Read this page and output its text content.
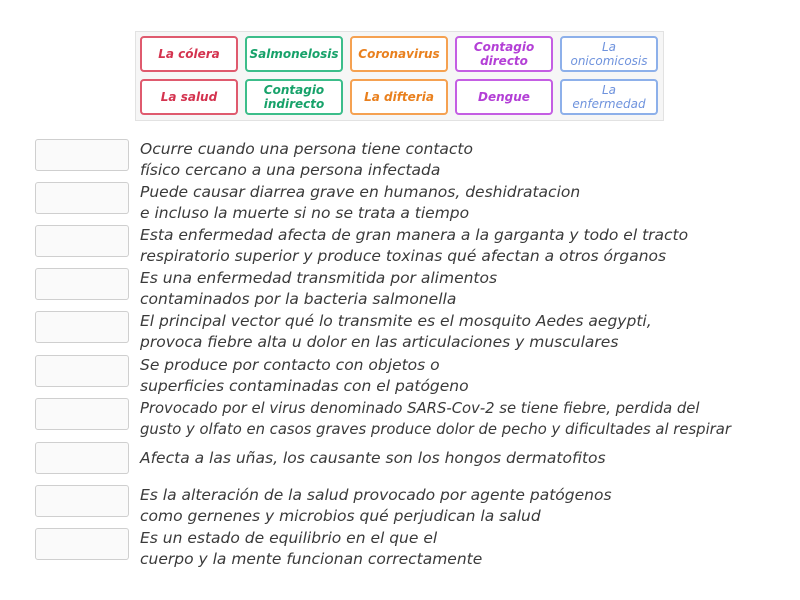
La cólera Salmonelosis Coronavirus	Contagio
directo
La
onicomicosis
La salud	Contagio
indirecto	La difteria	Dengue	La
enfermedad
Ocurre cuando una persona tiene contacto
físico cercano a una persona infectada
Puede causar diarrea grave en humanos, deshidratacion
e incluso la muerte si no se trata a tiempo
Esta enfermedad afecta de gran manera a la garganta y todo el tracto
respiratorio superior y produce toxinas qué afectan a otros órganos
Es una enfermedad transmitida por alimentos
contaminados por la bacteria salmonella
El principal vector qué lo transmite es el mosquito Aedes aegypti,
provoca fiebre alta u dolor en las articulaciones y musculares
Se produce por contacto con objetos o
superficies contaminadas con el patógeno
Provocado por el virus denominado SARS-Cov-2 se tiene fiebre, perdida del
gusto y olfato en casos graves produce dolor de pecho y dificultades al respirar
Afecta a las uñas, los causante son los hongos dermatofitos
Es la alteración de la salud provocado por agente patógenos
como gernenes y microbios qué perjudican la salud
Es un estado de equilibrio en el que el
cuerpo y la mente funcionan correctamente
